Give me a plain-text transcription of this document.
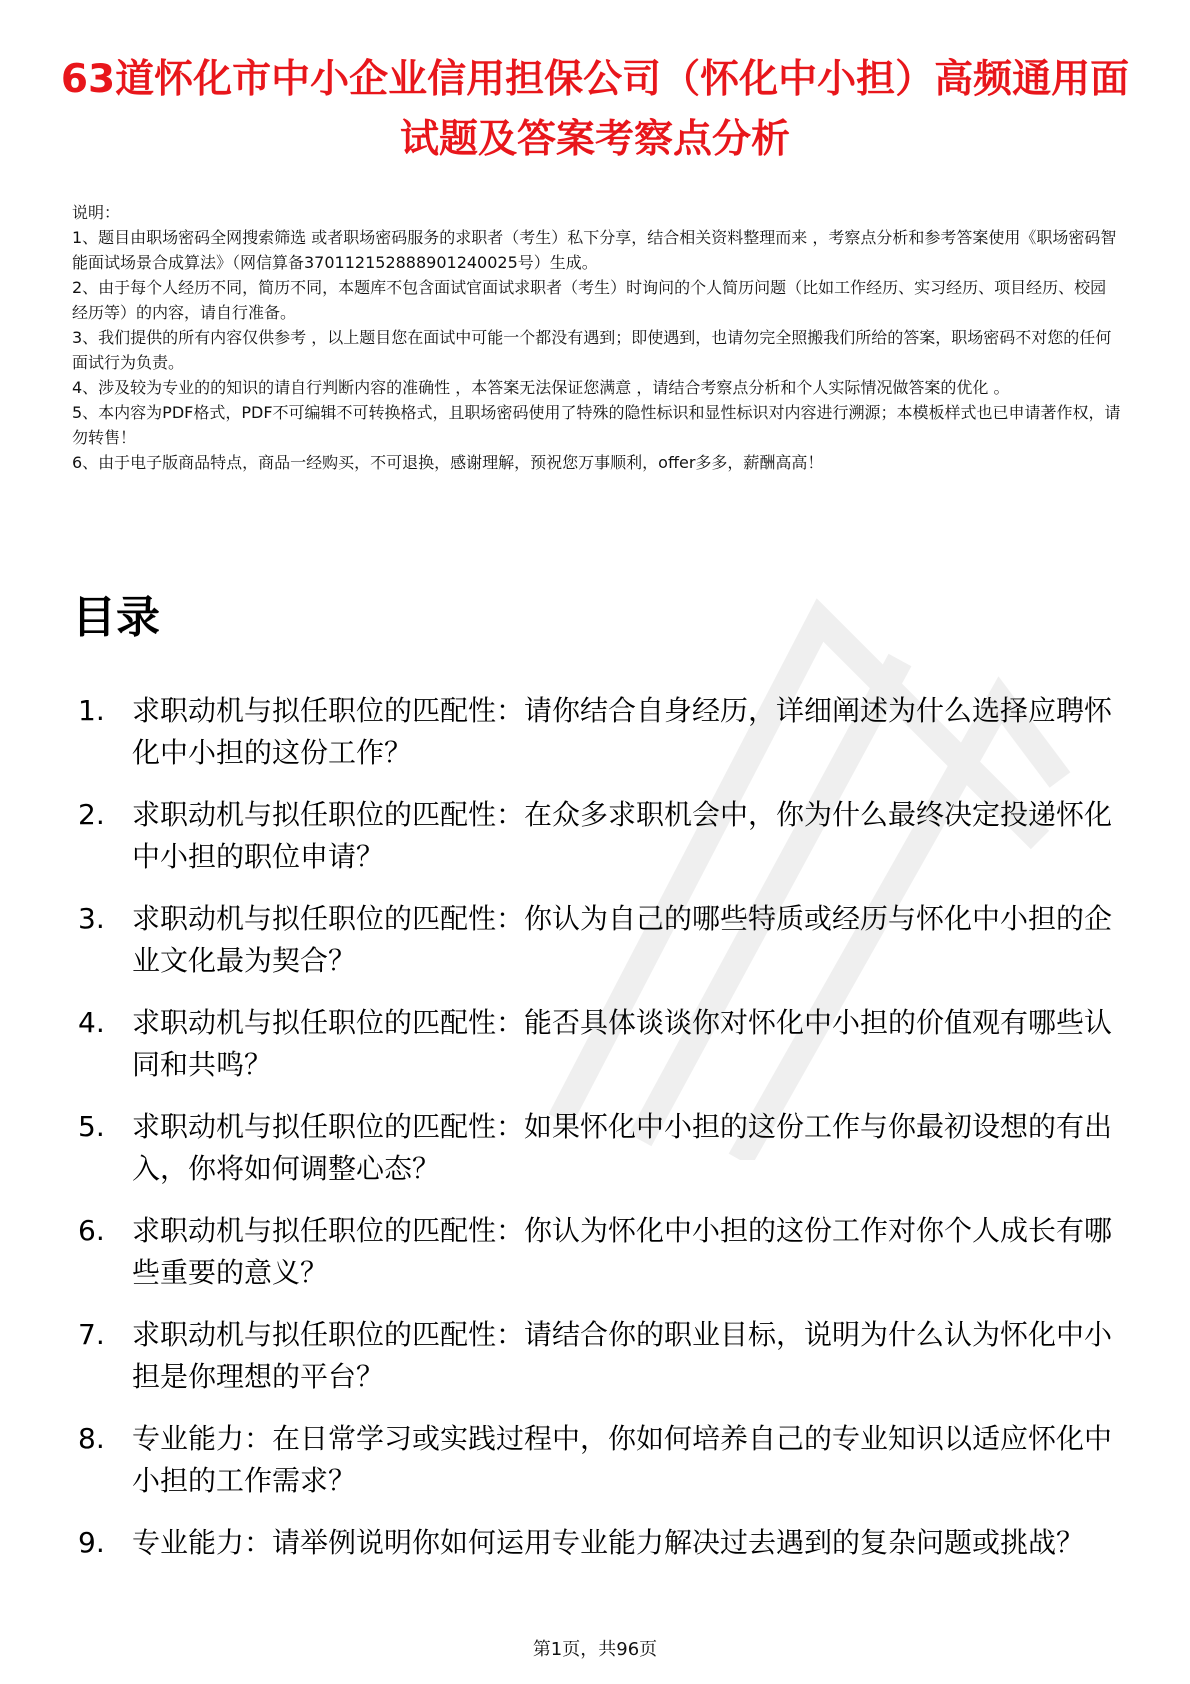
63道怀化市中小企业信用担保公司（怀化中小担）高频通用面试题及答案考察点分析

说明：

1、题目由职场密码全网搜索筛选 或者职场密码服务的求职者（考生）私下分享，结合相关资料整理而来 ，考察点分析和参考答案使用《职场密码智能面试场景合成算法》（网信算备370112152888901240025号）生成。

2、由于每个人经历不同，简历不同，本题库不包含面试官面试求职者（考生）时询问的个人简历问题（比如工作经历、实习经历、项目经历、校园经历等）的内容，请自行准备。

3、我们提供的所有内容仅供参考 ，以上题目您在面试中可能一个都没有遇到；即使遇到，也请勿完全照搬我们所给的答案，职场密码不对您的任何面试行为负责。

4、涉及较为专业的的知识的请自行判断内容的准确性 ，本答案无法保证您满意 ，请结合考察点分析和个人实际情况做答案的优化 。

5、本内容为PDF格式，PDF不可编辑不可转换格式，且职场密码使用了特殊的隐性标识和显性标识对内容进行溯源；本模板样式也已申请著作权，请勿转售！

6、由于电子版商品特点，商品一经购买，不可退换，感谢理解，预祝您万事顺利，offer多多，薪酬高高！

目录
1. 求职动机与拟任职位的匹配性：请你结合自身经历，详细阐述为什么选择应聘怀化中小担的这份工作？
2. 求职动机与拟任职位的匹配性：在众多求职机会中，你为什么最终决定投递怀化中小担的职位申请？
3. 求职动机与拟任职位的匹配性：你认为自己的哪些特质或经历与怀化中小担的企业文化最为契合？
4. 求职动机与拟任职位的匹配性：能否具体谈谈你对怀化中小担的价值观有哪些认同和共鸣？
5. 求职动机与拟任职位的匹配性：如果怀化中小担的这份工作与你最初设想的有出入，你将如何调整心态？
6. 求职动机与拟任职位的匹配性：你认为怀化中小担的这份工作对你个人成长有哪些重要的意义？
7. 求职动机与拟任职位的匹配性：请结合你的职业目标，说明为什么认为怀化中小担是你理想的平台？
8. 专业能力：在日常学习或实践过程中，你如何培养自己的专业知识以适应怀化中小担的工作需求？
9. 专业能力：请举例说明你如何运用专业能力解决过去遇到的复杂问题或挑战？
第1页，共96页
